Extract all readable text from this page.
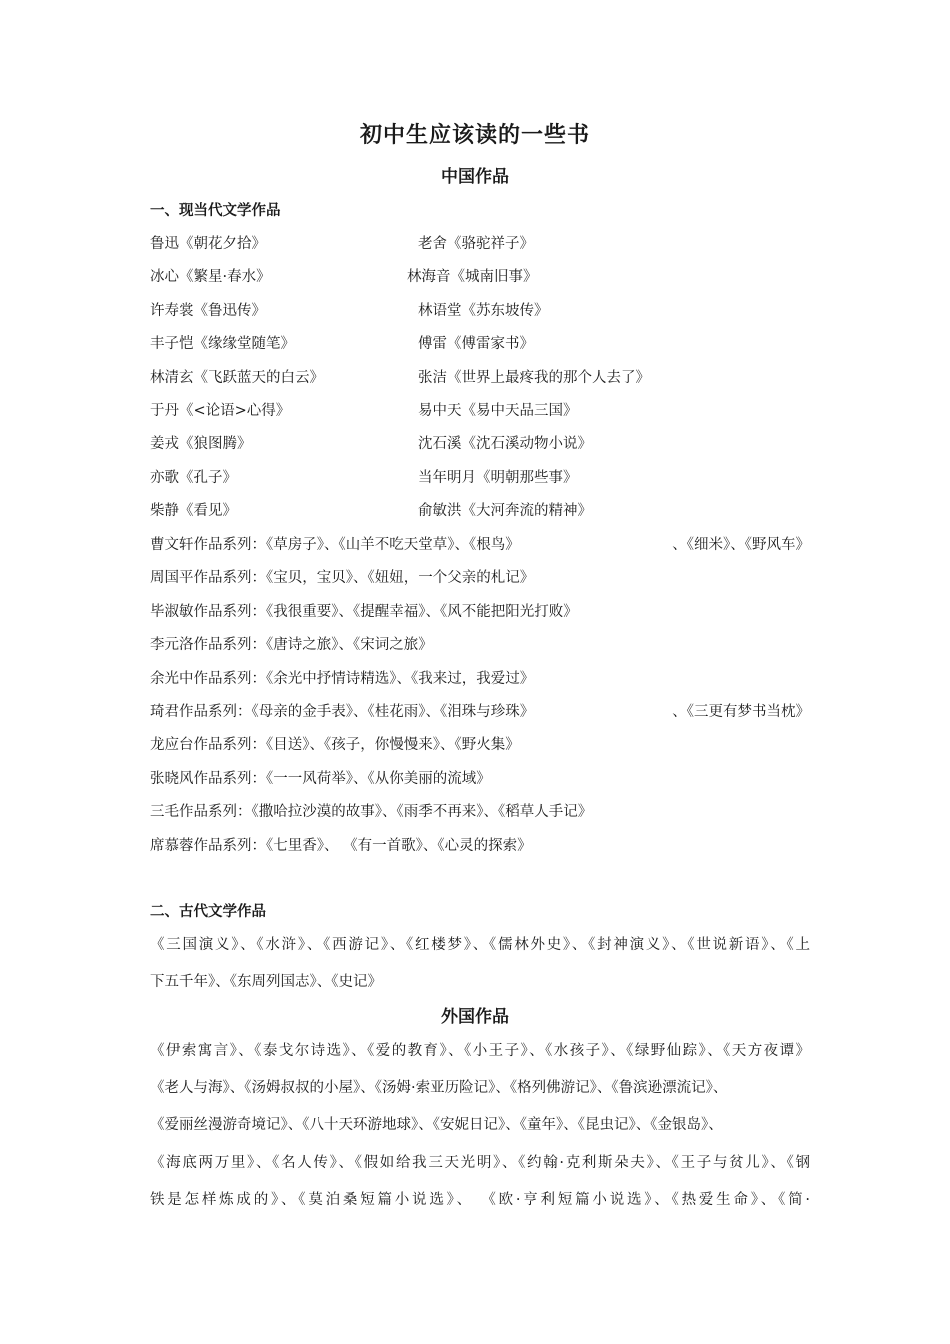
初中生应该读的一些书
中国作品
一、现当代文学作品
鲁迅《朝花夕拾》	老舍《骆驼祥子》
冰心《繁星·春水》	林海音《城南旧事》
许寿裳《鲁迅传》	林语堂《苏东坡传》
丰子恺《缘缘堂随笔》	傅雷《傅雷家书》
林清玄《飞跃蓝天的白云》	张洁《世界上最疼我的那个人去了》
于丹《<论语>心得》	易中天《易中天品三国》
姜戎《狼图腾》	沈石溪《沈石溪动物小说》
亦歌《孔子》	当年明月《明朝那些事》
柴静《看见》	俞敏洪《大河奔流的精神》
曹文轩作品系列：《草房子》、《山羊不吃天堂草》、《根鸟》	、《细米》、《野风车》
周国平作品系列：《宝贝，宝贝》、《妞妞，一个父亲的札记》
毕淑敏作品系列：《我很重要》、《提醒幸福》、《风不能把阳光打败》
李元洛作品系列：《唐诗之旅》、《宋词之旅》
余光中作品系列：《余光中抒情诗精选》、《我来过，我爱过》
琦君作品系列：《母亲的金手表》、《桂花雨》、《泪珠与珍珠》	、《三更有梦书当枕》
龙应台作品系列：《目送》、《孩子，你慢慢来》、《野火集》
张晓风作品系列：《一一风荷举》、《从你美丽的流域》
三毛作品系列：《撒哈拉沙漠的故事》、《雨季不再来》、《稻草人手记》
席慕蓉作品系列：《七里香》、 《有一首歌》、《心灵的探索》
二、古代文学作品
《三国演义》、《水浒》、《西游记》、《红楼梦》、《儒林外史》、《封神演义》、《世说新语》、《上
下五千年》、《东周列国志》、《史记》
外国作品
《伊索寓言》、《泰戈尔诗选》、《爱的教育》、《小王子》、《水孩子》、《绿野仙踪》、《天方夜谭》
《老人与海》、《汤姆叔叔的小屋》、《汤姆·索亚历险记》、《格列佛游记》、《鲁滨逊漂流记》、
《爱丽丝漫游奇境记》、《八十天环游地球》、《安妮日记》、《童年》、《昆虫记》、《金银岛》、
《海底两万里》、《名人传》、《假如给我三天光明》、《约翰·克利斯朵夫》、《王子与贫儿》、《钢
铁是怎样炼成的》、《莫泊桑短篇小说选》、 《欧·亨利短篇小说选》、《热爱生命》、《简·
